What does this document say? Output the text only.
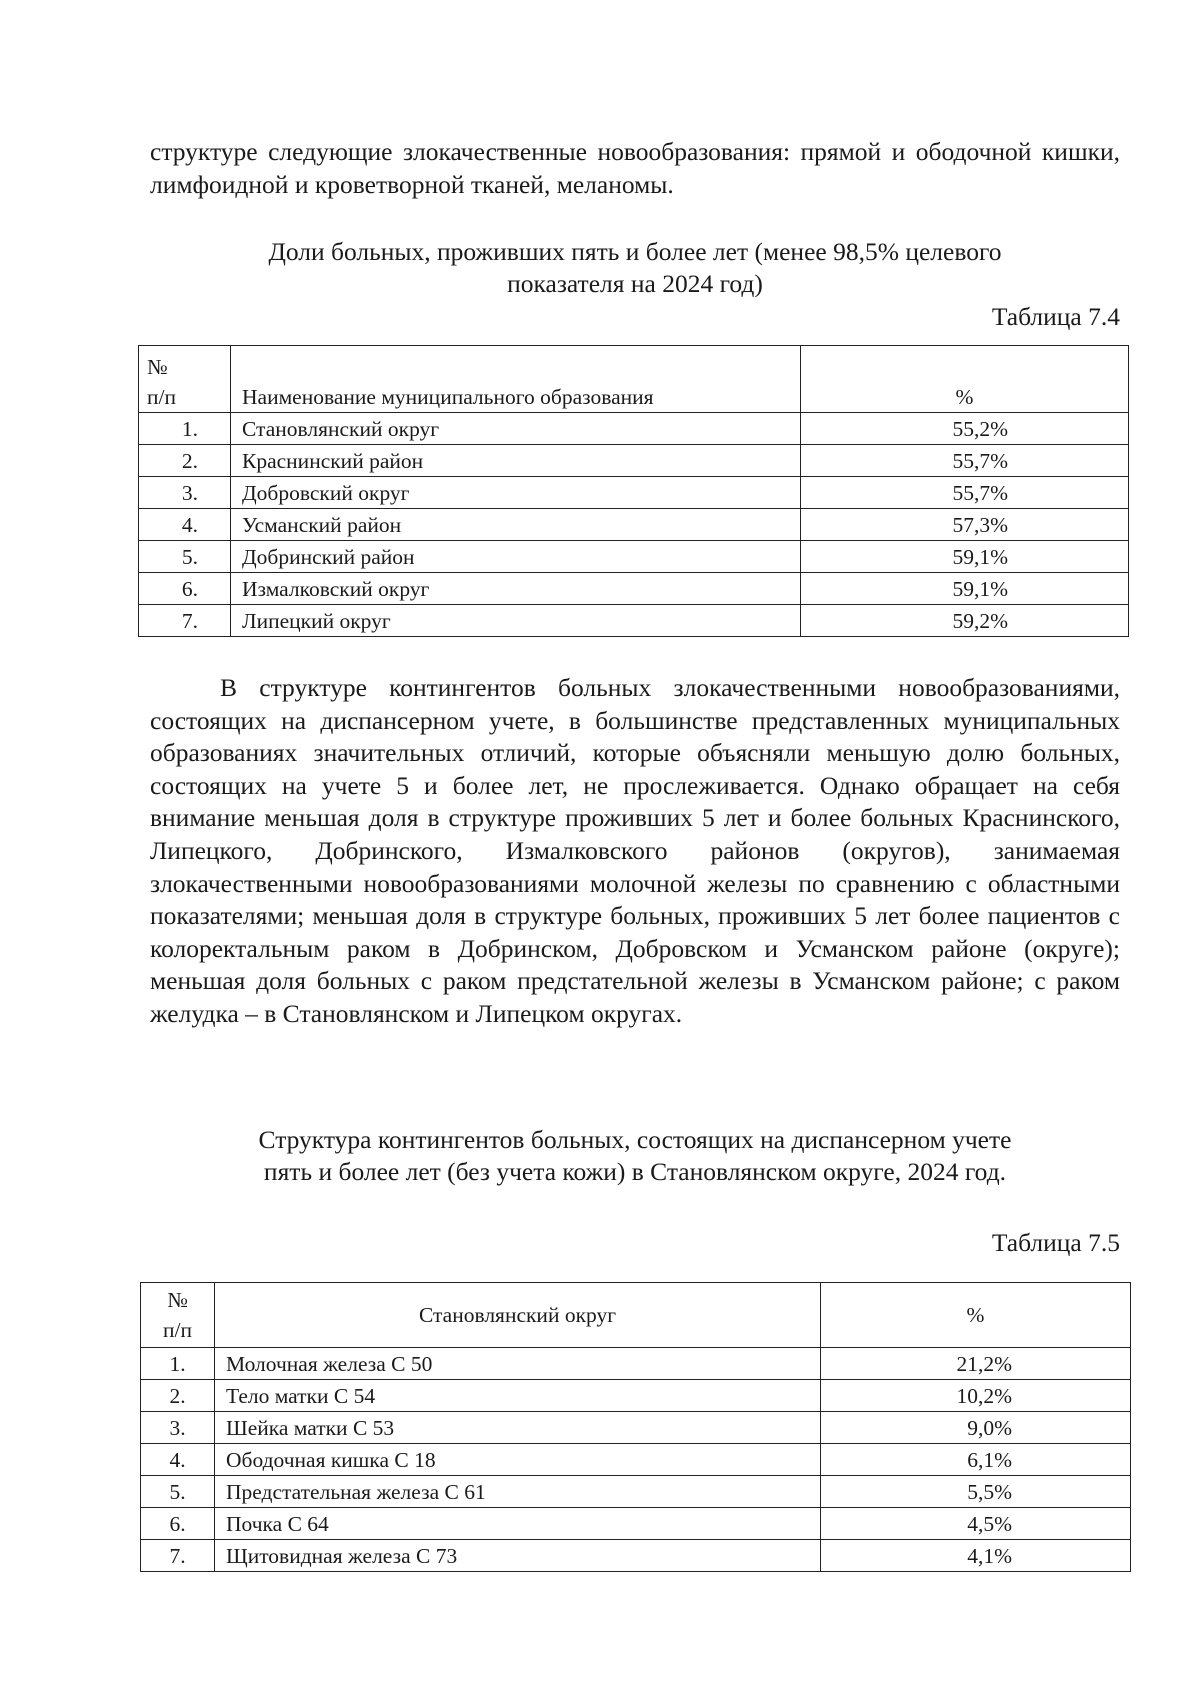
структуре следующие злокачественные новообразования: прямой и ободочной кишки, лимфоидной и кроветворной тканей, меланомы.

Доли больных, проживших пять и более лет (менее 98,5% целевого
показателя на 2024 год)

Таблица 7.4

№
п/п	Наименование муниципального образования	%
1.	Становлянский округ	55,2%
2.	Краснинский район	55,7%
3.	Добровский округ	55,7%
4.	Усманский район	57,3%
5.	Добринский район	59,1%
6.	Измалковский округ	59,1%
7.	Липецкий округ	59,2%

В структуре контингентов больных злокачественными новообразованиями, состоящих на диспансерном учете, в большинстве представленных муниципальных образованиях значительных отличий, которые объясняли меньшую долю больных, состоящих на учете 5 и более лет, не прослеживается. Однако обращает на себя внимание меньшая доля в структуре проживших 5 лет и более больных Краснинского, Липецкого, Добринского, Измалковского районов (округов), занимаемая злокачественными новообразованиями молочной железы по сравнению с областными показателями; меньшая доля в структуре больных, проживших 5 лет более пациентов с колоректальным раком в Добринском, Добровском и Усманском районе (округе); меньшая доля больных с раком предстательной железы в Усманском районе; с раком желудка – в Становлянском и Липецком округах.

Структура контингентов больных, состоящих на диспансерном учете
пять и более лет (без учета кожи) в Становлянском округе, 2024 год.

Таблица 7.5

№
п/п	Становлянский округ	%
1.	Молочная железа С 50	21,2%
2.	Тело матки С 54	10,2%
3.	Шейка матки С 53	9,0%
4.	Ободочная кишка С 18	6,1%
5.	Предстательная железа С 61	5,5%
6.	Почка С 64	4,5%
7.	Щитовидная железа С 73	4,1%
